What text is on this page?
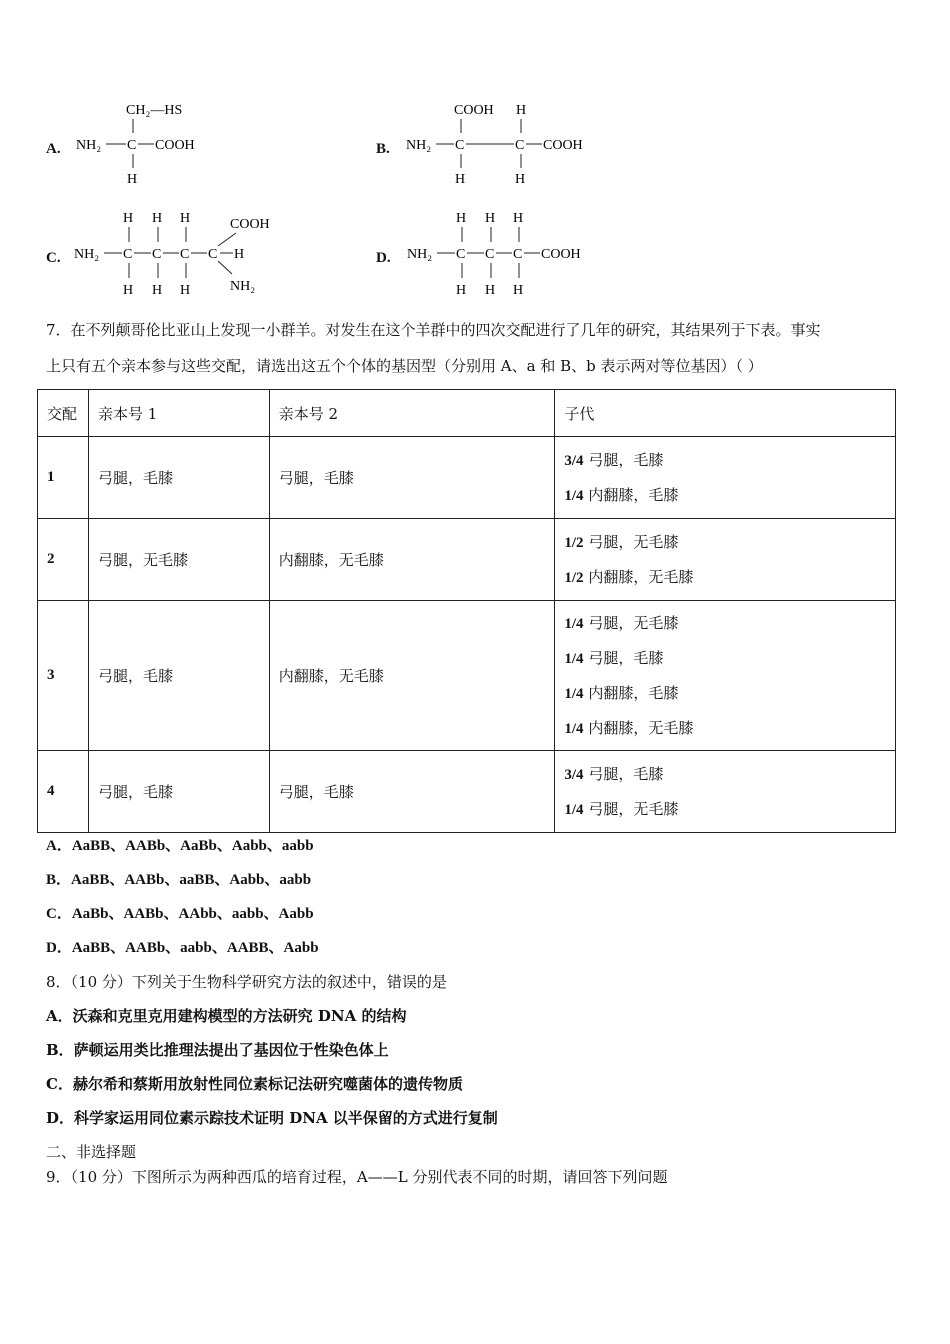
A.
CH₂—HS
NH₂ C COOH
H
B.
COOH H
NH₂ C	C COOH
H	H
C.
H H H	COOH
NH₂ C C C C H
NH₂
H H H
D.
H H H
NH₂ C C C COOH
H H H
7．在不列颠哥伦比亚山上发现一小群羊。对发生在这个羊群中的四次交配进行了几年的研究，其结果列于下表。事实
上只有五个亲本参与这些交配，请选出这五个个体的基因型（分别用 A、a 和 B、b 表示两对等位基因）（ ）
交配	亲本号 1	亲本号 2	子代
1	弓腿，毛膝	弓腿，毛膝	3/4 弓腿，毛膝
1/4 内翻膝，毛膝

2	弓腿，无毛膝	内翻膝，无毛膝	1/2 弓腿，无毛膝
1/2 内翻膝，无毛膝

3	弓腿，毛膝	内翻膝，无毛膝	1/4 弓腿，无毛膝
1/4 弓腿，毛膝
1/4 内翻膝，毛膝
1/4 内翻膝，无毛膝

4	弓腿，毛膝	弓腿，毛膝	3/4 弓腿，毛膝
1/4 弓腿，无毛膝
A．AaBB、AABb、AaBb、Aabb、aabb
B．AaBB、AABb、aaBB、Aabb、aabb
C．AaBb、AABb、AAbb、aabb、Aabb
D．AaBB、AABb、aabb、AABB、Aabb
8．（10 分）下列关于生物科学研究方法的叙述中，错误的是
A．沃森和克里克用建构模型的方法研究 DNA 的结构
B．萨顿运用类比推理法提出了基因位于性染色体上
C．赫尔希和蔡斯用放射性同位素标记法研究噬菌体的遗传物质
D．科学家运用同位素示踪技术证明 DNA 以半保留的方式进行复制
二、非选择题
9．（10 分）下图所示为两种西瓜的培育过程，A——L 分别代表不同的时期，请回答下列问题
